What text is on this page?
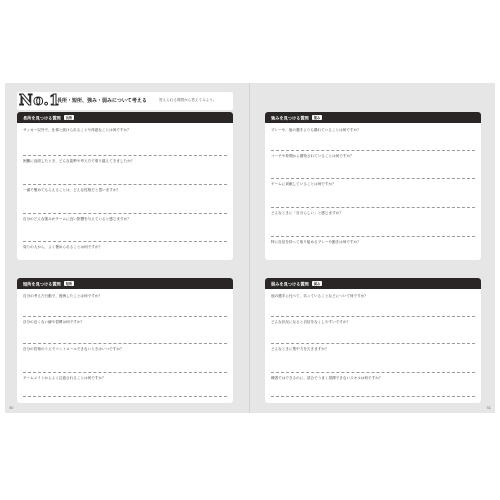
No.1
長所・短所、強み・弱みについて考える	答えられる質問から答えてみよう。
長所を見つける質問 長所
サッカー以外で、仕事と続けられることや得意なことは何ですか？
困難に直面したとき、どんな姿勢や考え方で乗り越えてきましたか？
一番で褒めてもらえることは、どんな性格だと思いますか？
自分のどんな強みがチームに良い影響を与えていると感じますか？
周りの人から、よく褒められることは何ですか？
短所を見つける質問 短所
自分の考えた行動で、後悔したことは何ですか？
自分の良くない癖や習慣は何ですか？
自分の性格のうえでコントロールできないときはいつですか？
チームメイトからよく注意されることは何ですか？
30
強みを見つける質問 強み
プレーや、他の選手よりも優れていることは何ですか？
コーチや仲間から期待されていることは何ですか？
ゲームに貢献していることは何ですか？
どんなときに「自分らしい」と感じますか？
特に自信を持って取り組めるプレーや動きは何ですか？
弱みを見つける質問 弱み
他の選手に比べて、劣っていることなどについて何ですか？
どんな状況になると自信をなくしやすいですか？
どんなときに集中力を欠きますか？
練習ではできるのに、試合でうまく発揮できないスキルは何ですか？
31
